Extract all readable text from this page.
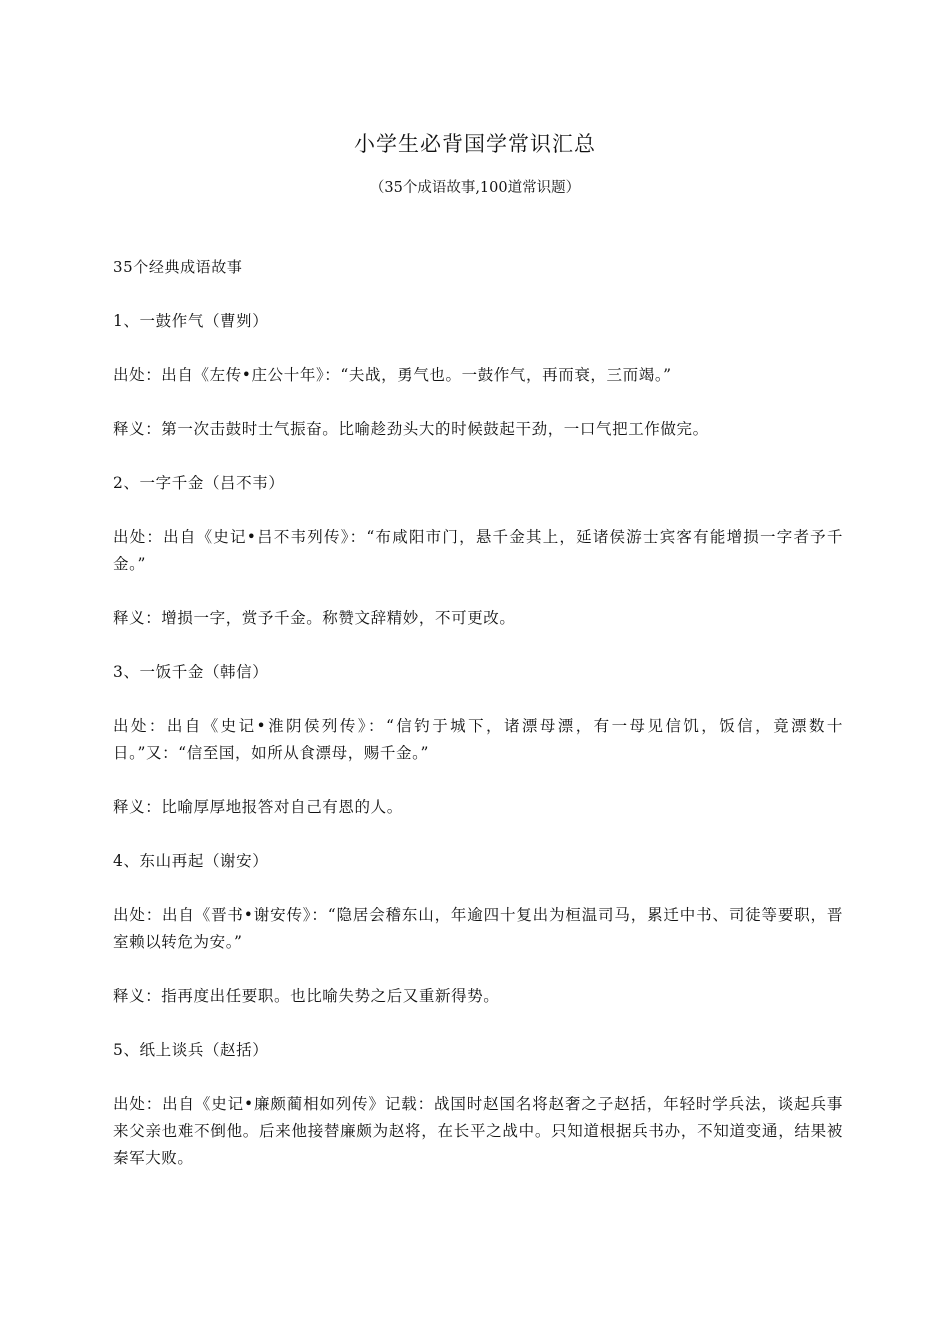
小学生必背国学常识汇总
（35个成语故事,100道常识题）

35个经典成语故事

1、一鼓作气（曹刿）

出处：出自《左传•庄公十年》：“夫战，勇气也。一鼓作气，再而衰，三而竭。”

释义：第一次击鼓时士气振奋。比喻趁劲头大的时候鼓起干劲，一口气把工作做完。

2、一字千金（吕不韦）

出处：出自《史记•吕不韦列传》：“布咸阳市门，悬千金其上，延诸侯游士宾客有能增损一字者予千金。”

释义：增损一字，赏予千金。称赞文辞精妙，不可更改。

3、一饭千金（韩信）

出处：出自《史记•淮阴侯列传》：“信钓于城下，诸漂母漂，有一母见信饥，饭信，竟漂数十日。”又：“信至国，如所从食漂母，赐千金。”

释义：比喻厚厚地报答对自己有恩的人。

4、东山再起（谢安）

出处：出自《晋书•谢安传》：“隐居会稽东山，年逾四十复出为桓温司马，累迁中书、司徒等要职，晋室赖以转危为安。”

释义：指再度出任要职。也比喻失势之后又重新得势。

5、纸上谈兵（赵括）

出处：出自《史记•廉颇蔺相如列传》记载：战国时赵国名将赵奢之子赵括，年轻时学兵法，谈起兵事来父亲也难不倒他。后来他接替廉颇为赵将，在长平之战中。只知道根据兵书办，不知道变通，结果被秦军大败。
